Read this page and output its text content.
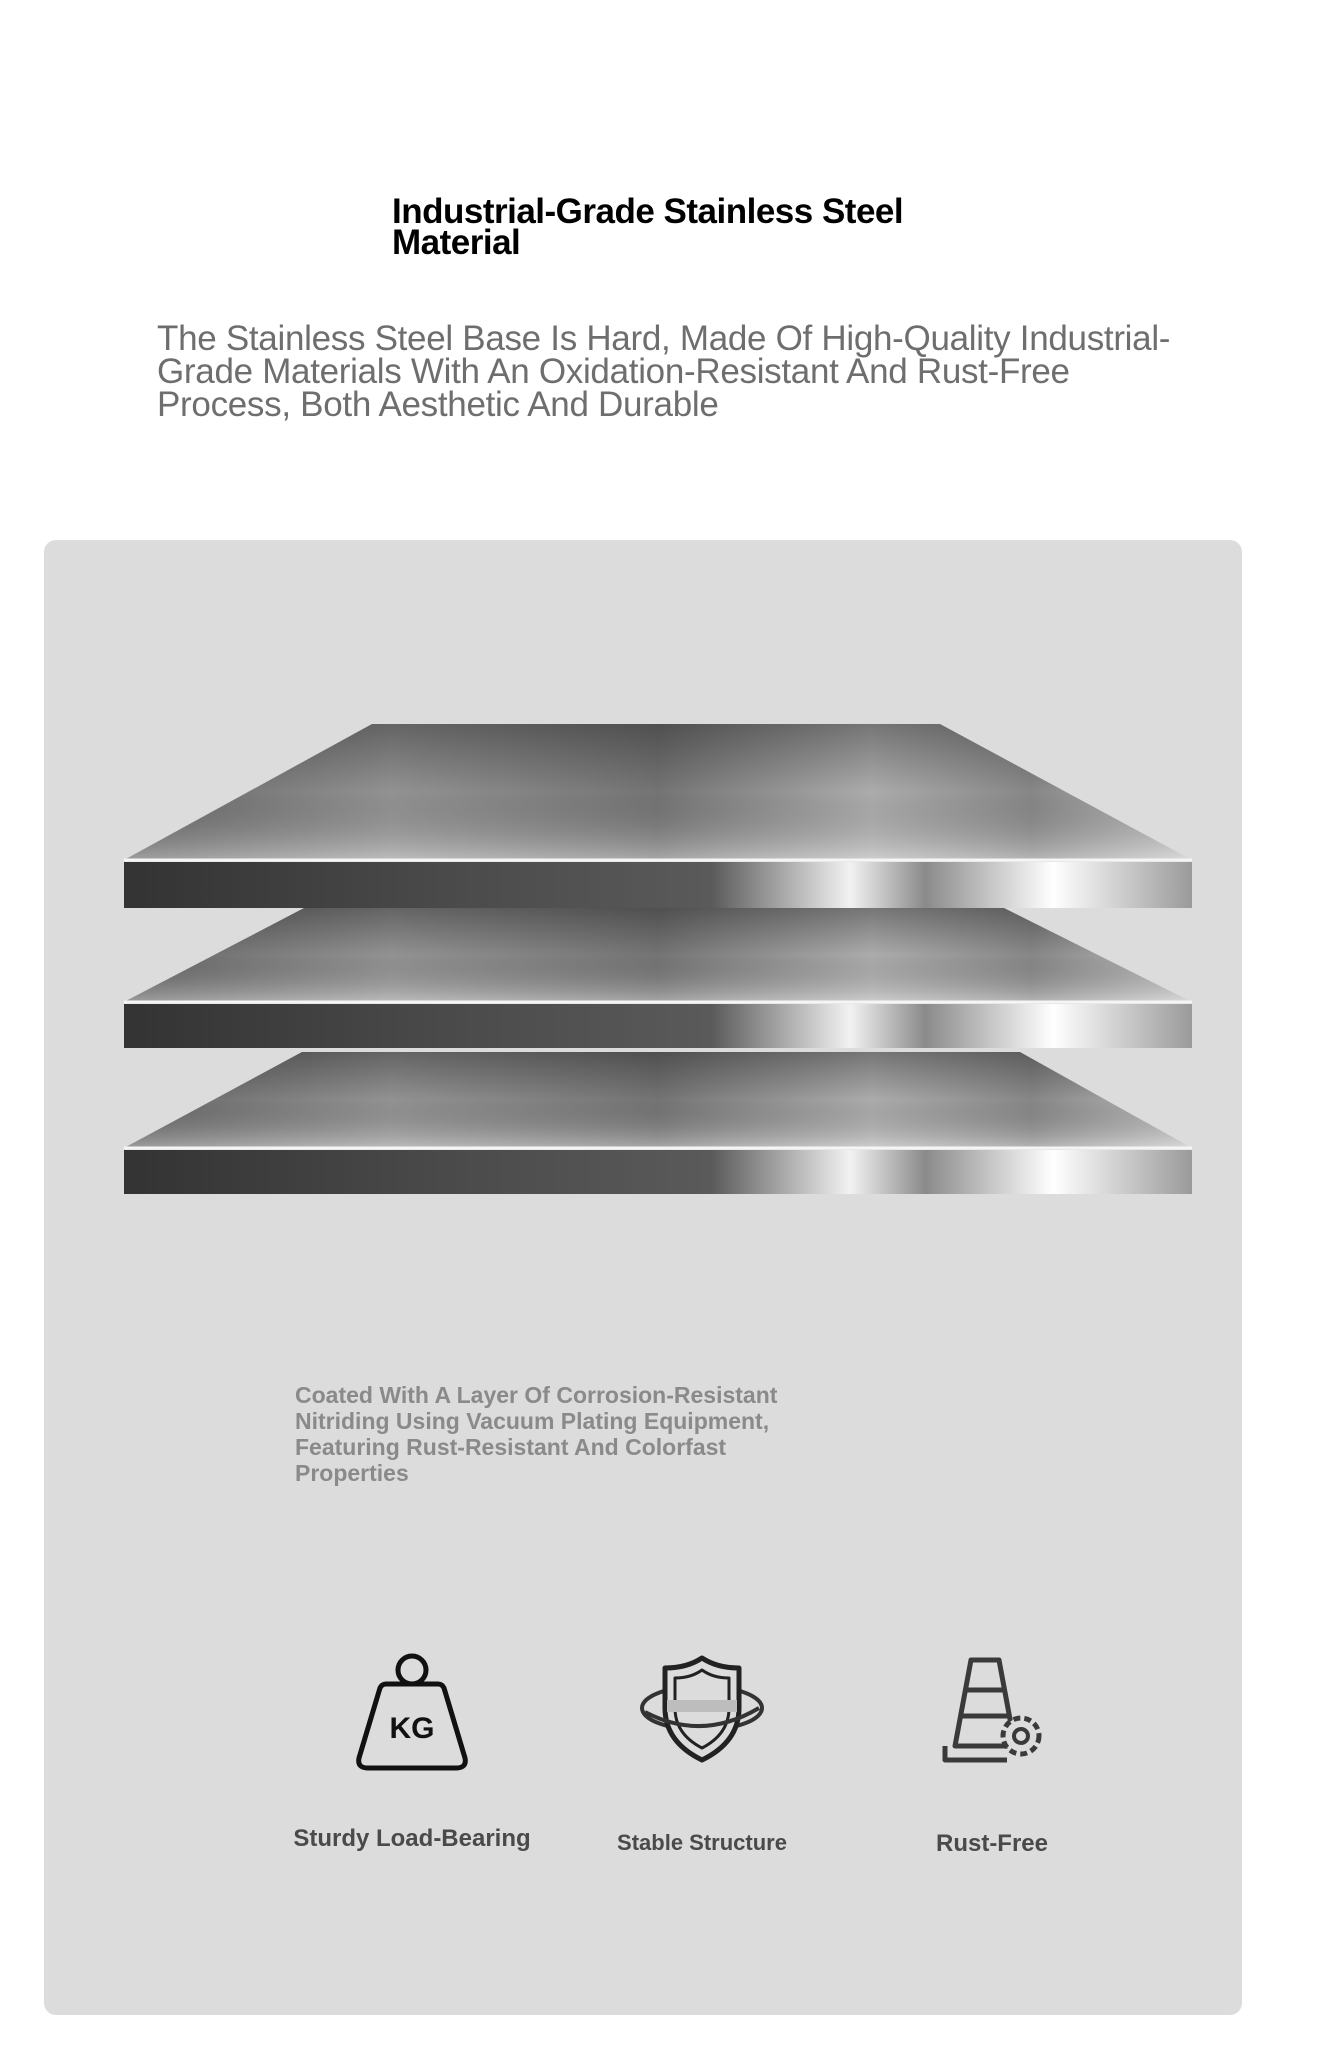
Industrial-Grade Stainless Steel Material

The Stainless Steel Base Is Hard, Made Of High-Quality Industrial-Grade Materials With An Oxidation-Resistant And Rust-Free Process, Both Aesthetic And Durable

Coated With A Layer Of Corrosion-Resistant Nitriding Using Vacuum Plating Equipment, Featuring Rust-Resistant And Colorfast Properties

KG
Sturdy Load-Bearing	Stable Structure	Rust-Free
